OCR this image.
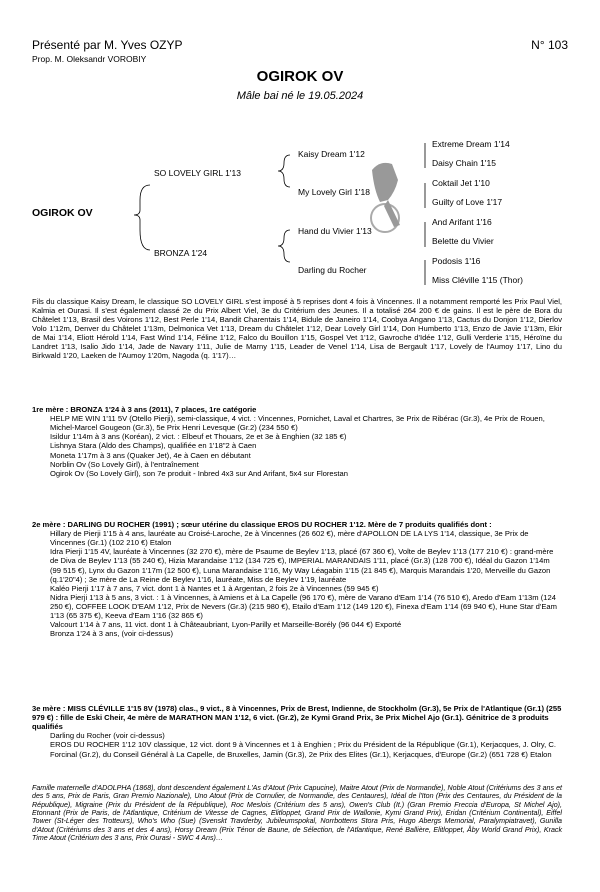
Présenté par M. Yves OZYP
Prop. M. Oleksandr VOROBIY
N° 103
OGIROK OV
Mâle bai né le 19.05.2024
OGIROK OV
SO LOVELY GIRL 1'13
BRONZA 1'24
Kaisy Dream 1'12
My Lovely Girl 1'18
Hand du Vivier 1'13
Darling du Rocher
Extreme Dream 1'14
Daisy Chain 1'15
Coktail Jet 1'10
Guilty of Love 1'17
And Arifant 1'16
Belette du Vivier
Podosis 1'16
Miss Cléville 1'15 (Thor)
Fils du classique Kaisy Dream, le classique SO LOVELY GIRL s'est imposé à 5 reprises dont 4 fois à Vincennes. Il a notamment remporté les Prix Paul Viel, Kalmia et Ourasi. Il s'est également classé 2e du Prix Albert Viel, 3e du Critérium des Jeunes. Il a totalisé 264 200 € de gains. Il est le père de Bora du Châtelet 1'13, Brasil des Voirons 1'12, Best Perle 1'14, Bandit Charentais 1'14, Bidule de Janeiro 1'14, Coobya Angano 1'13, Cactus du Donjon 1'12, Dierlov Volo 1'12m, Denver du Châtelet 1'13m, Delmonica Vet 1'13, Dream du Châtelet 1'12, Dear Lovely Girl 1'14, Don Humberto 1'13, Enzo de Javie 1'13m, Ekir de Mai 1'14, Eliott Hérold 1'14, Fast Wind 1'14, Féline 1'12, Falco du Bouillon 1'15, Gospel Vet 1'12, Gavroche d'Idée 1'12, Gulli Verderie 1'15, Héroïne du Landret 1'13, Isalio Jido 1'14, Jade de Navary 1'11, Julie de Marny 1'15, Leader de Venel 1'14, Lisa de Bergault 1'17, Lovely de l'Aumoy 1'17, Lino du Birkwald 1'20, Laeken de l'Aumoy 1'20m, Nagoda (q. 1'17)…
1re mère : BRONZA 1'24 à 3 ans (2011), 7 places, 1re catégorie
HELP ME WIN 1'11 5V (Otello Pierji), semi-classique, 4 vict. : Vincennes, Pornichet, Laval et Chartres, 3e Prix de Ribérac (Gr.3), 4e Prix de Rouen, Michel-Marcel Gougeon (Gr.3), 5e Prix Henri Levesque (Gr.2) (234 550 €)
Isildur 1'14m à 3 ans (Koréan), 2 vict. : Elbeuf et Thouars, 2e et 3e à Enghien (32 185 €)
Lishnya Stara (Aldo des Champs), qualifiée en 1'18"2 à Caen
Moneta 1'17m à 3 ans (Quaker Jet), 4e à Caen en débutant
Norblin Ov (So Lovely Girl), à l'entraînement
Ogirok Ov (So Lovely Girl), son 7e produit - Inbred 4x3 sur And Arifant, 5x4 sur Florestan
2e mère : DARLING DU ROCHER (1991) ; sœur utérine du classique EROS DU ROCHER 1'12. Mère de 7 produits qualifiés dont :
Hillary de Pierji 1'15 à 4 ans, lauréate au Croisé-Laroche, 2e à Vincennes (26 602 €), mère d'APOLLON DE LA LYS 1'14, classique, 3e Prix de Vincennes (Gr.1) (102 210 €) Etalon
Idra Pierji 1'15 4V, lauréate à Vincennes (32 270 €), mère de Psaume de Beylev 1'13, placé (67 360 €), Volte de Beylev 1'13 (177 210 €) : grand-mère de Diva de Beylev 1'13 (55 240 €), Hizia Marandaise 1'12 (134 725 €), IMPERIAL MARANDAIS 1'11, placé (Gr.3) (128 700 €), Idéal du Gazon 1'14m (99 515 €), Lynx du Gazon 1'17m (12 500 €), Luna Marandaise 1'16, My Way Léagabin 1'15 (21 845 €), Marquis Marandais 1'20, Merveille du Gazon (q.1'20"4) ; 3e mère de La Reine de Beylev 1'16, lauréate, Miss de Beylev 1'19, lauréate
Kaléo Pierji 1'17 à 7 ans, 7 vict. dont 1 à Nantes et 1 à Argentan, 2 fois 2e à Vincennes (59 945 €)
Nidra Pierji 1'13 à 5 ans, 3 vict. : 1 à Vincennes, à Amiens et à La Capelle (96 170 €), mère de Varano d'Eam 1'14 (76 510 €), Aredo d'Eam 1'13m (124 250 €), COFFEE LOOK D'EAM 1'12, Prix de Nevers (Gr.3) (215 980 €), Etailo d'Eam 1'12 (149 120 €), Finexa d'Eam 1'14 (69 940 €), Hune Star d'Eam 1'13 (65 375 €), Keeva d'Eam 1'16 (32 865 €)
Valcourt 1'14 à 7 ans, 11 vict. dont 1 à Châteaubriant, Lyon-Parilly et Marseille-Borély (96 044 €) Exporté
Bronza 1'24 à 3 ans, (voir ci-dessus)
3e mère : MISS CLÉVILLE 1'15 8V (1978) clas., 9 vict., 8 à Vincennes, Prix de Brest, Indienne, de Stockholm (Gr.3), 5e Prix de l'Atlantique (Gr.1) (255 979 €) : fille de Eski Cheir, 4e mère de MARATHON MAN 1'12, 6 vict. (Gr.2), 2e Kymi Grand Prix, 3e Prix Michel Ajo (Gr.1). Génitrice de 3 produits qualifiés
Darling du Rocher (voir ci-dessus)
EROS DU ROCHER 1'12 10V classique, 12 vict. dont 9 à Vincennes et 1 à Enghien ; Prix du Président de la République (Gr.1), Kerjacques, J. Olry, C. Forcinal (Gr.2), du Conseil Général à La Capelle, de Bruxelles, Jamin (Gr.3), 2e Prix des Elites (Gr.1), Kerjacques, d'Europe (Gr.2) (651 728 €) Etalon
Famille maternelle d'ADOLPHA (1868), dont descendent également L'As d'Atout (Prix Capucine), Maitre Atout (Prix de Normandie), Noble Atout (Critériums des 3 ans et des 5 ans, Prix de Paris, Gran Premio Nazionale), Uno Atout (Prix de Cornulier, de Normandie, des Centaures), Idéal de l'Iton (Prix des Centaures, du Président de la République), Migraine (Prix du Président de la République), Roc Meslois (Critérium des 5 ans), Owen's Club (It.) (Gran Premio Freccia d'Europa, St Michel Ajo), Etonnant (Prix de Paris, de l'Atlantique, Critérium de Vitesse de Cagnes, Elitloppet, Grand Prix de Wallonie, Kymi Grand Prix), Eridan (Critérium Continental), Eiffel Tower (St-Léger des Trotteurs), Who's Who (Sue) (Svenskt Travderby, Jubileumspokal, Norrbottens Stora Pris, Hugo Abergs Memorial, Paralympiatravet), Gunilla d'Atout (Critériums des 3 ans et des 4 ans), Horsy Dream (Prix Ténor de Baune, de Sélection, de l'Atlantique, René Ballière, Elitloppet, Åby World Grand Prix), Krack Time Atout (Critérium des 3 ans, Prix Ourasi - SWC 4 Ans)…
